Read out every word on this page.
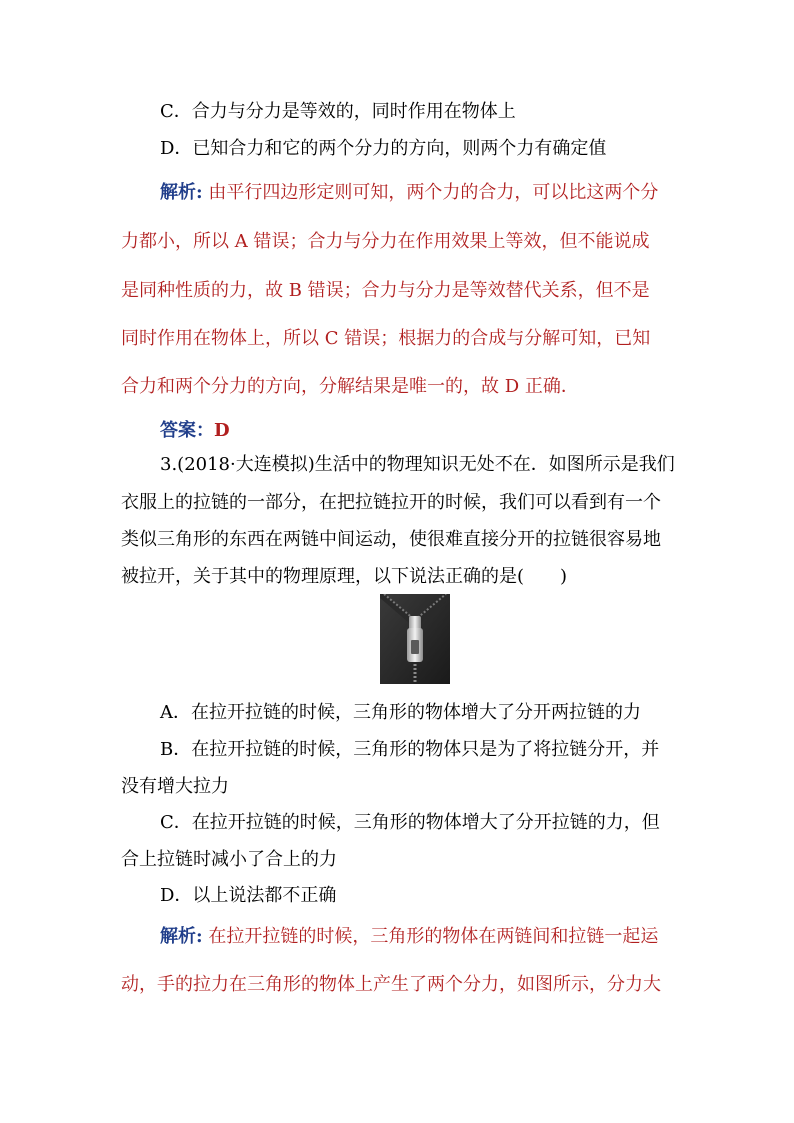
C．合力与分力是等效的，同时作用在物体上
D．已知合力和它的两个分力的方向，则两个力有确定值
解析: 由平行四边形定则可知，两个力的合力，可以比这两个分
力都小，所以 A 错误；合力与分力在作用效果上等效，但不能说成
是同种性质的力，故 B 错误；合力与分力是等效替代关系，但不是
同时作用在物体上，所以 C 错误；根据力的合成与分解可知，已知
合力和两个分力的方向，分解结果是唯一的，故 D 正确．
答案：D
3.(2018·大连模拟)生活中的物理知识无处不在．如图所示是我们
衣服上的拉链的一部分，在把拉链拉开的时候，我们可以看到有一个
类似三角形的东西在两链中间运动，使很难直接分开的拉链很容易地
被拉开，关于其中的物理原理，以下说法正确的是(　　)
A．在拉开拉链的时候，三角形的物体增大了分开两拉链的力
B．在拉开拉链的时候，三角形的物体只是为了将拉链分开，并
没有增大拉力
C．在拉开拉链的时候，三角形的物体增大了分开拉链的力，但
合上拉链时减小了合上的力
D．以上说法都不正确
解析: 在拉开拉链的时候，三角形的物体在两链间和拉链一起运
动，手的拉力在三角形的物体上产生了两个分力，如图所示，分力大
